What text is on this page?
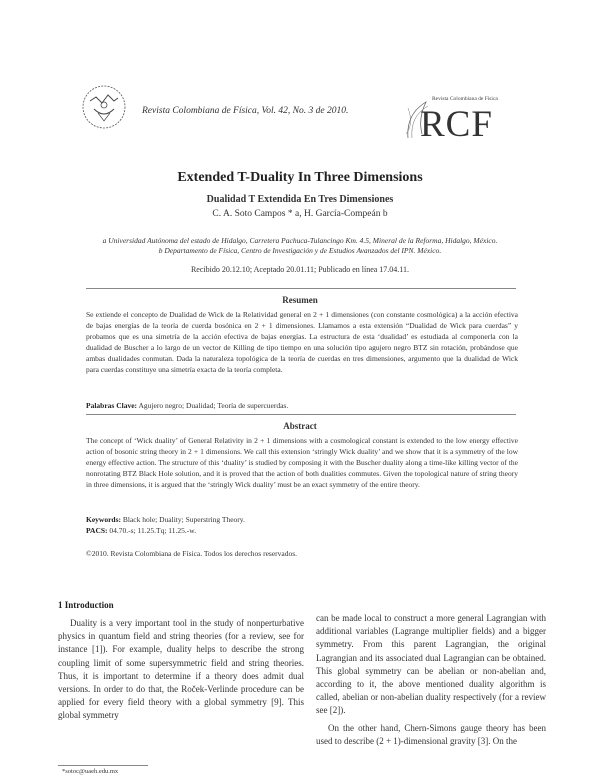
Revista Colombiana de Física, Vol. 42, No. 3 de 2010.
Revista Colombiana de Física
RCF
Extended T-Duality In Three Dimensions
Dualidad T Extendida En Tres Dimensiones
C. A. Soto Campos * a, H. García-Compeán b
a Universidad Autónoma del estado de Hidalgo, Carretera Pachuca-Tulancingo Km. 4.5, Mineral de la Reforma, Hidalgo, México.
b Departamento de Física, Centro de Investigación y de Estudios Avanzados del IPN. México.
Recibido 20.12.10; Aceptado 20.01.11; Publicado en línea 17.04.11.
Resumen

Se extiende el concepto de Dualidad de Wick de la Relatividad general en 2 + 1 dimensiones (con constante cosmológica) a la acción efectiva de bajas energías de la teoría de cuerda bosónica en 2 + 1 dimensiones. Llamamos a esta extensión “Dualidad de Wick para cuerdas” y probamos que es una simetría de la acción efectiva de bajas energías. La estructura de esta ‘dualidad’ es estudiada al componerla con la dualidad de Buscher a lo largo de un vector de Killing de tipo tiempo en una solución tipo agujero negro BTZ sin rotación, probándose que ambas dualidades conmutan. Dada la naturaleza topológica de la teoría de cuerdas en tres dimensiones, argumento que la dualidad de Wick para cuerdas constituye una simetría exacta de la teoría completa.

Palabras Clave: Agujero negro; Dualidad; Teoría de supercuerdas.
Abstract

The concept of ‘Wick duality’ of General Relativity in 2 + 1 dimensions with a cosmological constant is extended to the low energy effective action of bosonic string theory in 2 + 1 dimensions. We call this extension ‘stringly Wick duality’ and we show that it is a symmetry of the low energy effective action. The structure of this ‘duality’ is studied by composing it with the Buscher duality along a time-like killing vector of the nonrotating BTZ Black Hole solution, and it is proved that the action of both dualities commutes. Given the topological nature of string theory in three dimensions, it is argued that the ‘stringly Wick duality’ must be an exact symmetry of the entire theory.

Keywords: Black hole; Duality; Superstring Theory.
PACS: 04.70.-s; 11.25.Tq; 11.25.-w.
©2010. Revista Colombiana de Física. Todos los derechos reservados.
1 Introduction

Duality is a very important tool in the study of nonperturbative physics in quantum field and string theories (for a review, see for instance [1]). For example, duality helps to describe the strong coupling limit of some supersymmetric field and string theories. Thus, it is important to determine if a theory does admit dual versions. In order to do that, the Roček-Verlinde procedure can be applied for every field theory with a global symmetry [9]. This global symmetry

can be made local to construct a more general Lagrangian with additional variables (Lagrange multiplier fields) and a bigger symmetry. From this parent Lagrangian, the original Lagrangian and its associated dual Lagrangian can be obtained. This global symmetry can be abelian or non-abelian and, according to it, the above mentioned duality algorithm is called, abelian or non-abelian duality respectively (for a review see [2]).

On the other hand, Chern-Simons gauge theory has been used to describe (2 + 1)-dimensional gravity [3]. On the

*sotoc@uaeh.edu.mx
